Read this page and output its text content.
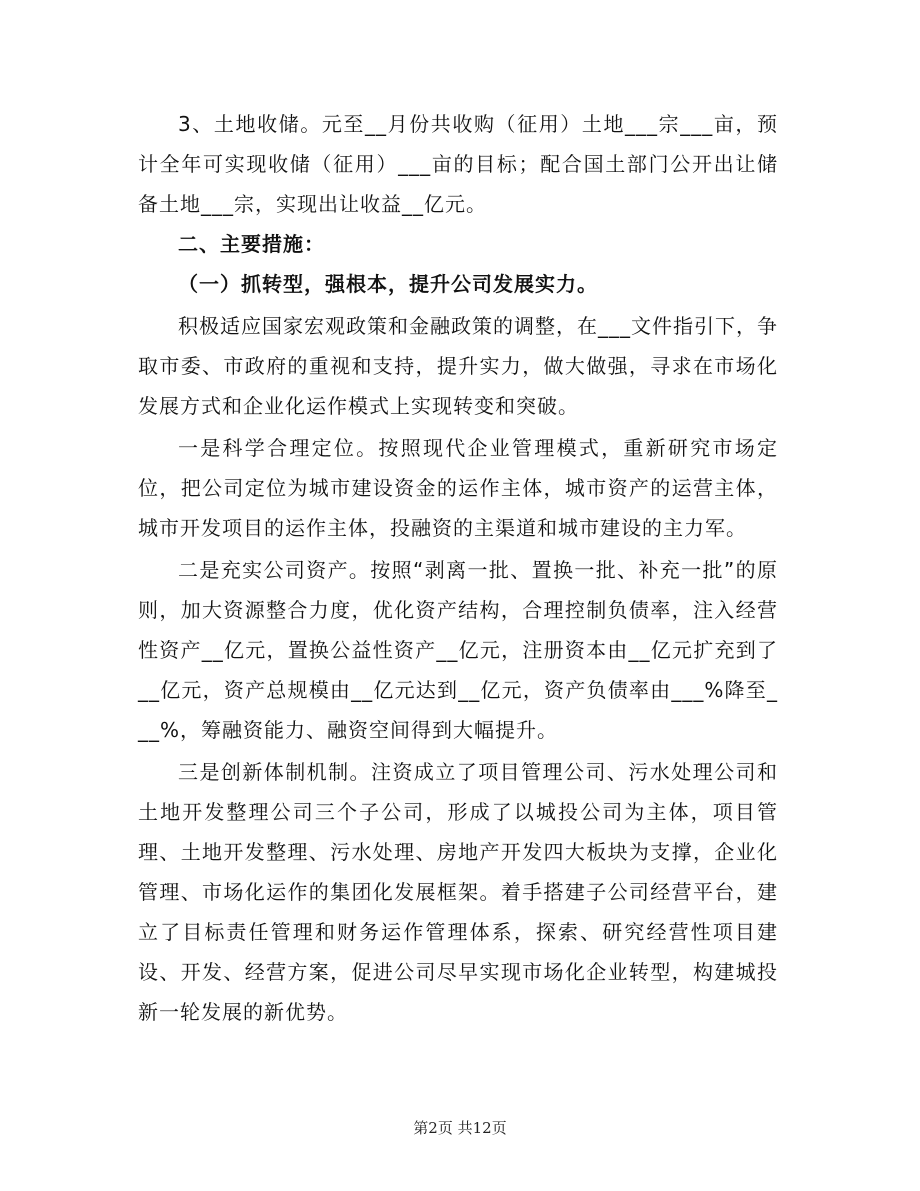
3、土地收储。元至__月份共收购（征用）土地___宗___亩，预计全年可实现收储（征用）___亩的目标；配合国土部门公开出让储备土地___宗，实现出让收益__亿元。

二、主要措施：

（一）抓转型，强根本，提升公司发展实力。

积极适应国家宏观政策和金融政策的调整，在___文件指引下，争取市委、市政府的重视和支持，提升实力，做大做强，寻求在市场化发展方式和企业化运作模式上实现转变和突破。

一是科学合理定位。按照现代企业管理模式，重新研究市场定位，把公司定位为城市建设资金的运作主体，城市资产的运营主体，城市开发项目的运作主体，投融资的主渠道和城市建设的主力军。

二是充实公司资产。按照“剥离一批、置换一批、补充一批”的原则，加大资源整合力度，优化资产结构，合理控制负债率，注入经营性资产__亿元，置换公益性资产__亿元，注册资本由__亿元扩充到了__亿元，资产总规模由__亿元达到__亿元，资产负债率由___%降至___%，筹融资能力、融资空间得到大幅提升。

三是创新体制机制。注资成立了项目管理公司、污水处理公司和土地开发整理公司三个子公司，形成了以城投公司为主体，项目管理、土地开发整理、污水处理、房地产开发四大板块为支撑，企业化管理、市场化运作的集团化发展框架。着手搭建子公司经营平台，建立了目标责任管理和财务运作管理体系，探索、研究经营性项目建设、开发、经营方案，促进公司尽早实现市场化企业转型，构建城投新一轮发展的新优势。

第2页 共12页
